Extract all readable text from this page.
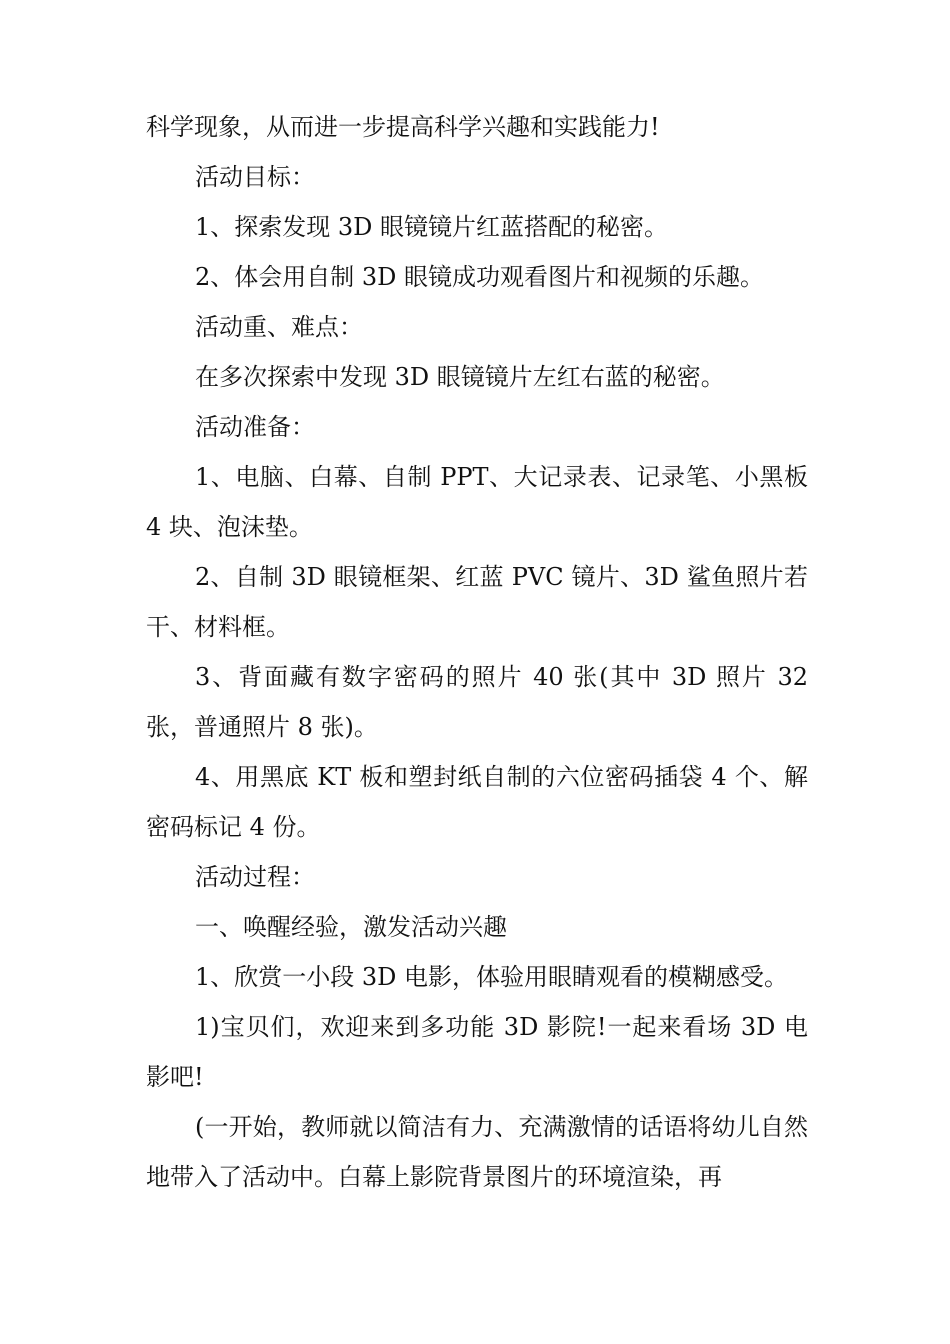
科学现象，从而进一步提高科学兴趣和实践能力!

活动目标：

1、探索发现 3D 眼镜镜片红蓝搭配的秘密。

2、体会用自制 3D 眼镜成功观看图片和视频的乐趣。

活动重、难点：

在多次探索中发现 3D 眼镜镜片左红右蓝的秘密。

活动准备：

1、电脑、白幕、自制 PPT、大记录表、记录笔、小黑板 4 块、泡沫垫。

2、自制 3D 眼镜框架、红蓝 PVC 镜片、3D 鲨鱼照片若干、材料框。

3、背面藏有数字密码的照片 40 张(其中 3D 照片 32 张，普通照片 8 张)。

4、用黑底 KT 板和塑封纸自制的六位密码插袋 4 个、解密码标记 4 份。

活动过程：

一、唤醒经验，激发活动兴趣

1、欣赏一小段 3D 电影，体验用眼睛观看的模糊感受。

1)宝贝们，欢迎来到多功能 3D 影院!一起来看场 3D 电影吧!

(一开始，教师就以简洁有力、充满激情的话语将幼儿自然地带入了活动中。白幕上影院背景图片的环境渲染，再
